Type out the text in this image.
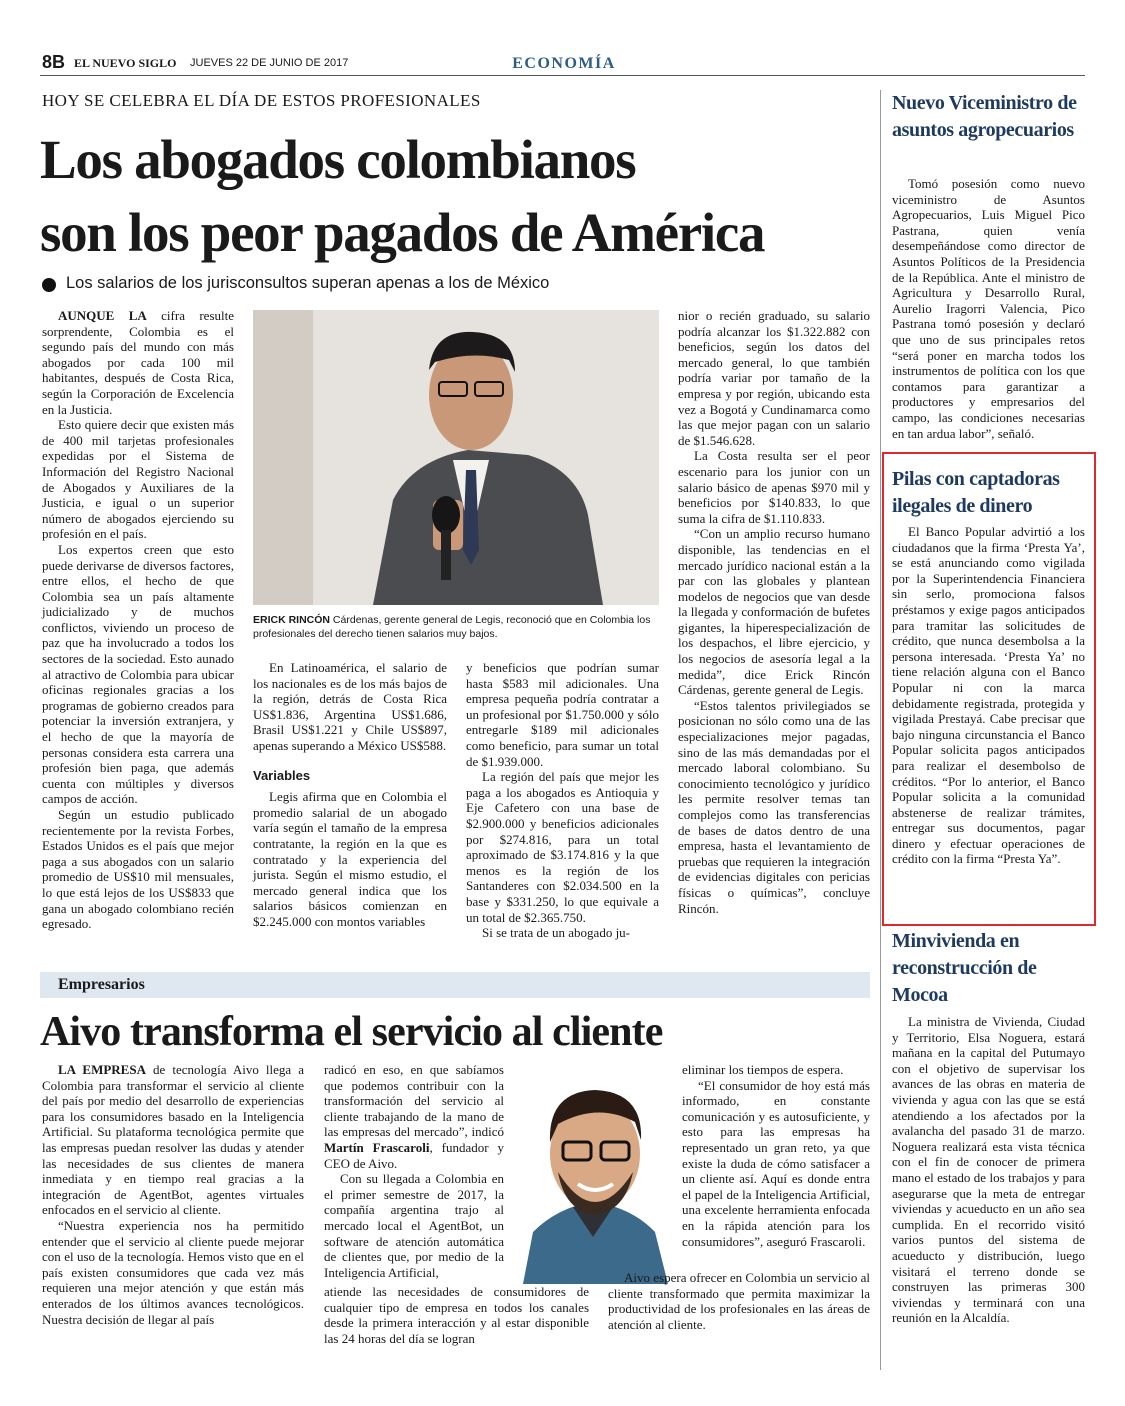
8B EL NUEVO SIGLO JUEVES 22 DE JUNIO DE 2017	ECONOMÍA
HOY SE CELEBRA EL DÍA DE ESTOS PROFESIONALES
Los abogados colombianos
son los peor pagados de América
Los salarios de los jurisconsultos superan apenas a los de México

AUNQUE LA cifra resulte sorprendente, Colombia es el segundo país del mundo con más abogados por cada 100 mil habitantes, después de Costa Rica, según la Corporación de Excelencia en la Justicia.

Esto quiere decir que existen más de 400 mil tarjetas profesionales expedidas por el Sistema de Información del Registro Nacional de Abogados y Auxiliares de la Justicia, e igual o un superior número de abogados ejerciendo su profesión en el país.

Los expertos creen que esto puede derivarse de diversos factores, entre ellos, el hecho de que Colombia sea un país altamente judicializado y de muchos conflictos, viviendo un proceso de paz que ha involucrado a todos los sectores de la sociedad. Esto aunado al atractivo de Colombia para ubicar oficinas regionales gracias a los programas de gobierno creados para potenciar la inversión extranjera, y el hecho de que la mayoría de personas considera esta carrera una profesión bien paga, que además cuenta con múltiples y diversos campos de acción.

Según un estudio publicado recientemente por la revista Forbes, Estados Unidos es el país que mejor paga a sus abogados con un salario promedio de US$10 mil mensuales, lo que está lejos de los US$833 que gana un abogado colombiano recién egresado.

ERICK RINCÓN Cárdenas, gerente general de Legis, reconoció que en Colombia los profesionales del derecho tienen salarios muy bajos.

En Latinoamérica, el salario de los nacionales es de los más bajos de la región, detrás de Costa Rica US$1.836, Argentina US$1.686, Brasil US$1.221 y Chile US$897, apenas superando a México US$588.

Variables

Legis afirma que en Colombia el promedio salarial de un abogado varía según el tamaño de la empresa contratante, la región en la que es contratado y la experiencia del jurista. Según el mismo estudio, el mercado general indica que los salarios básicos comienzan en $2.245.000 con montos variables

y beneficios que podrían sumar hasta $583 mil adicionales. Una empresa pequeña podría contratar a un profesional por $1.750.000 y sólo entregarle $189 mil adicionales como beneficio, para sumar un total de $1.939.000.

La región del país que mejor les paga a los abogados es Antioquia y Eje Cafetero con una base de $2.900.000 y beneficios adicionales por $274.816, para un total aproximado de $3.174.816 y la que menos es la región de los Santanderes con $2.034.500 en la base y $331.250, lo que equivale a un total de $2.365.750.

Si se trata de un abogado ju-

nior o recién graduado, su salario podría alcanzar los $1.322.882 con beneficios, según los datos del mercado general, lo que también podría variar por tamaño de la empresa y por región, ubicando esta vez a Bogotá y Cundinamarca como las que mejor pagan con un salario de $1.546.628.

La Costa resulta ser el peor escenario para los junior con un salario básico de apenas $970 mil y beneficios por $140.833, lo que suma la cifra de $1.110.833.

“Con un amplio recurso humano disponible, las tendencias en el mercado jurídico nacional están a la par con las globales y plantean modelos de negocios que van desde la llegada y conformación de bufetes gigantes, la hiperespecialización de los despachos, el libre ejercicio, y los negocios de asesoría legal a la medida”, dice Erick Rincón Cárdenas, gerente general de Legis.

“Estos talentos privilegiados se posicionan no sólo como una de las especializaciones mejor pagadas, sino de las más demandadas por el mercado laboral colombiano. Su conocimiento tecnológico y jurídico les permite resolver temas tan complejos como las transferencias de bases de datos dentro de una empresa, hasta el levantamiento de pruebas que requieren la integración de evidencias digitales con pericias físicas o químicas”, concluye Rincón.

Nuevo Viceministro de asuntos agropecuarios

Tomó posesión como nuevo viceministro de Asuntos Agropecuarios, Luis Miguel Pico Pastrana, quien venía desempeñándose como director de Asuntos Políticos de la Presidencia de la República. Ante el ministro de Agricultura y Desarrollo Rural, Aurelio Iragorri Valencia, Pico Pastrana tomó posesión y declaró que uno de sus principales retos “será poner en marcha todos los instrumentos de política con los que contamos para garantizar a productores y empresarios del campo, las condiciones necesarias en tan ardua labor”, señaló.

Pilas con captadoras ilegales de dinero

El Banco Popular advirtió a los ciudadanos que la firma ‘Presta Ya’, se está anunciando como vigilada por la Superintendencia Financiera sin serlo, promociona falsos préstamos y exige pagos anticipados para tramitar las solicitudes de crédito, que nunca desembolsa a la persona interesada. ‘Presta Ya’ no tiene relación alguna con el Banco Popular ni con la marca debidamente registrada, protegida y vigilada Prestayá. Cabe precisar que bajo ninguna circunstancia el Banco Popular solicita pagos anticipados para realizar el desembolso de créditos. “Por lo anterior, el Banco Popular solicita a la comunidad abstenerse de realizar trámites, entregar sus documentos, pagar dinero y efectuar operaciones de crédito con la firma “Presta Ya”.

Minvivienda en reconstrucción de Mocoa

La ministra de Vivienda, Ciudad y Territorio, Elsa Noguera, estará mañana en la capital del Putumayo con el objetivo de supervisar los avances de las obras en materia de vivienda y agua con las que se está atendiendo a los afectados por la avalancha del pasado 31 de marzo. Noguera realizará esta vista técnica con el fin de conocer de primera mano el estado de los trabajos y para asegurarse que la meta de entregar viviendas y acueducto en un año sea cumplida. En el recorrido visitó varios puntos del sistema de acueducto y distribución, luego visitará el terreno donde se construyen las primeras 300 viviendas y terminará con una reunión en la Alcaldía.

Empresarios
Aivo transforma el servicio al cliente

LA EMPRESA de tecnología Aivo llega a Colombia para transformar el servicio al cliente del país por medio del desarrollo de experiencias para los consumidores basado en la Inteligencia Artificial. Su plataforma tecnológica permite que las empresas puedan resolver las dudas y atender las necesidades de sus clientes de manera inmediata y en tiempo real gracias a la integración de AgentBot, agentes virtuales enfocados en el servicio al cliente.

“Nuestra experiencia nos ha permitido entender que el servicio al cliente puede mejorar con el uso de la tecnología. Hemos visto que en el país existen consumidores que cada vez más requieren una mejor atención y que están más enterados de los últimos avances tecnológicos. Nuestra decisión de llegar al país

radicó en eso, en que sabíamos que podemos contribuir con la transformación del servicio al cliente trabajando de la mano de las empresas del mercado”, indicó Martín Frascaroli, fundador y CEO de Aivo.

Con su llegada a Colombia en el primer semestre de 2017, la compañía argentina trajo al mercado local el AgentBot, un software de atención automática de clientes que, por medio de la Inteligencia Artificial,

atiende las necesidades de consumidores de cualquier tipo de empresa en todos los canales desde la primera interacción y al estar disponible las 24 horas del día se logran

eliminar los tiempos de espera.

“El consumidor de hoy está más informado, en constante comunicación y es autosuficiente, y esto para las empresas ha representado un gran reto, ya que existe la duda de cómo satisfacer a un cliente así. Aquí es donde entra el papel de la Inteligencia Artificial, una excelente herramienta enfocada en la rápida atención para los consumidores”, aseguró Frascaroli.

Aivo espera ofrecer en Colombia un servicio al cliente transformado que permita maximizar la productividad de los profesionales en las áreas de atención al cliente.
